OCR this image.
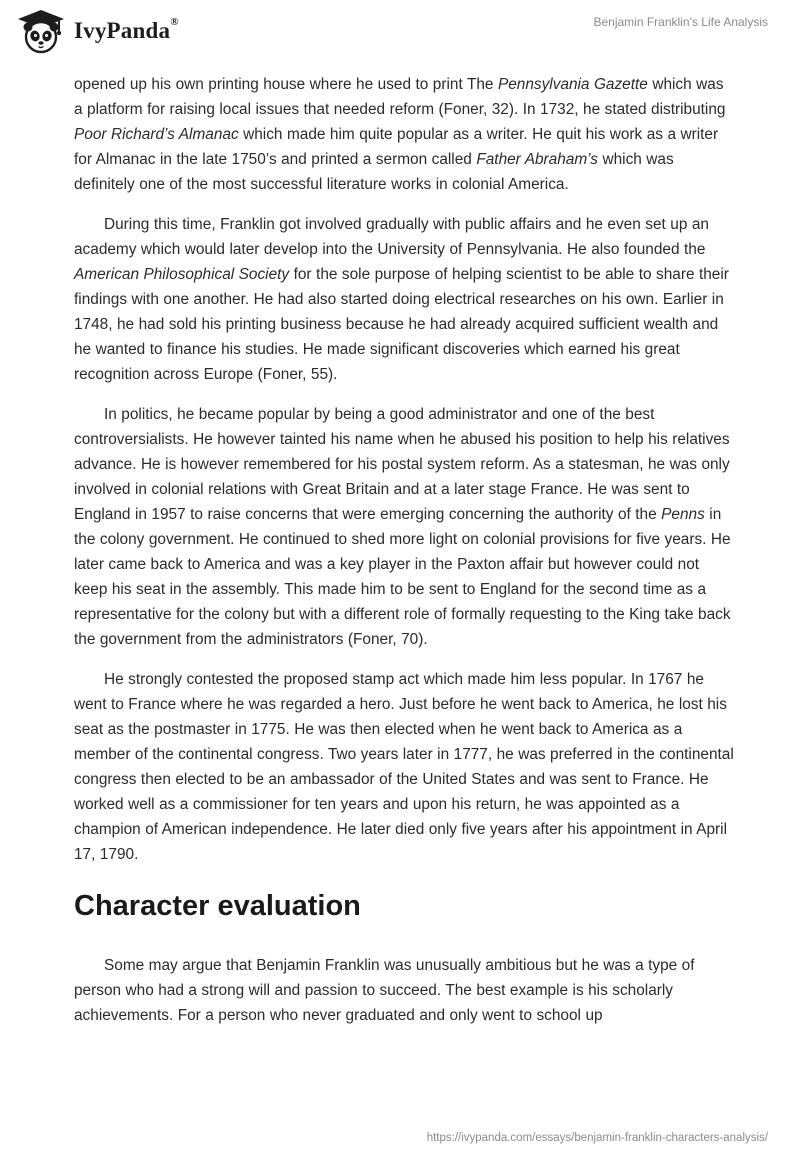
IvyPanda®	Benjamin Franklin’s Life Analysis

opened up his own printing house where he used to print The Pennsylvania Gazette which was a platform for raising local issues that needed reform (Foner, 32). In 1732, he stated distributing Poor Richard’s Almanac which made him quite popular as a writer. He quit his work as a writer for Almanac in the late 1750’s and printed a sermon called Father Abraham’s which was definitely one of the most successful literature works in colonial America.

During this time, Franklin got involved gradually with public affairs and he even set up an academy which would later develop into the University of Pennsylvania. He also founded the American Philosophical Society for the sole purpose of helping scientist to be able to share their findings with one another. He had also started doing electrical researches on his own. Earlier in 1748, he had sold his printing business because he had already acquired sufficient wealth and he wanted to finance his studies. He made significant discoveries which earned his great recognition across Europe (Foner, 55).

In politics, he became popular by being a good administrator and one of the best controversialists. He however tainted his name when he abused his position to help his relatives advance. He is however remembered for his postal system reform. As a statesman, he was only involved in colonial relations with Great Britain and at a later stage France. He was sent to England in 1957 to raise concerns that were emerging concerning the authority of the Penns in the colony government. He continued to shed more light on colonial provisions for five years. He later came back to America and was a key player in the Paxton affair but however could not keep his seat in the assembly. This made him to be sent to England for the second time as a representative for the colony but with a different role of formally requesting to the King take back the government from the administrators (Foner, 70).

He strongly contested the proposed stamp act which made him less popular. In 1767 he went to France where he was regarded a hero. Just before he went back to America, he lost his seat as the postmaster in 1775. He was then elected when he went back to America as a member of the continental congress. Two years later in 1777, he was preferred in the continental congress then elected to be an ambassador of the United States and was sent to France. He worked well as a commissioner for ten years and upon his return, he was appointed as a champion of American independence. He later died only five years after his appointment in April 17, 1790.

Character evaluation

Some may argue that Benjamin Franklin was unusually ambitious but he was a type of person who had a strong will and passion to succeed. The best example is his scholarly achievements. For a person who never graduated and only went to school up

https://ivypanda.com/essays/benjamin-franklin-characters-analysis/
